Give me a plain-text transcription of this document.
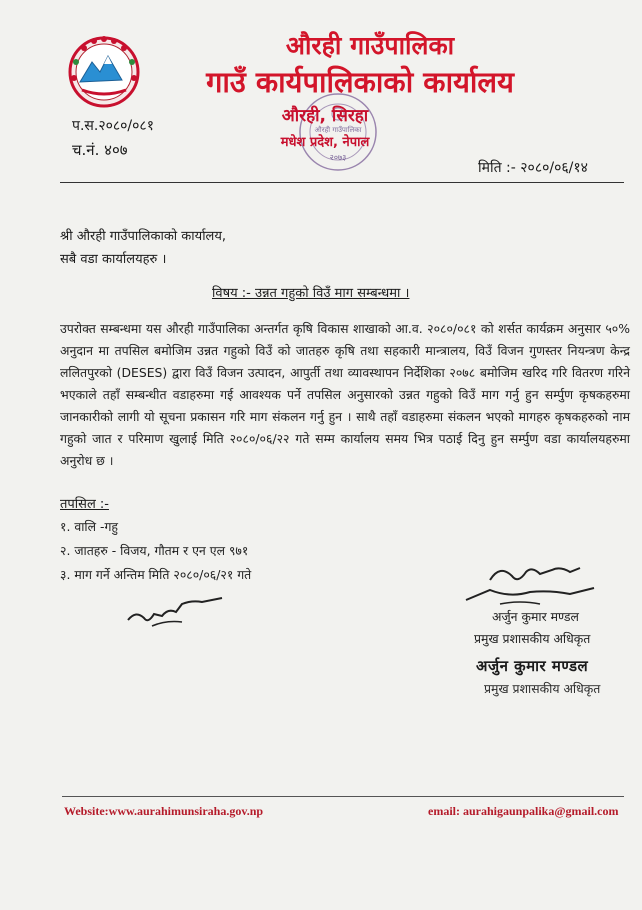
औरही गाउँपालिका
गाउँ कार्यपालिकाको कार्यालय
औरही गाउँपालिका
२०७३
औरही, सिरहा
मधेश प्रदेश, नेपाल
प.स.२०८०/०८१
च.नं. ४०७
मिति :- २०८०/०६/१४
श्री औरही गाउँपालिकाको कार्यालय,
सबै वडा कार्यालयहरु ।
विषय :- उन्नत गहुको विउँ माग सम्बन्धमा ।
उपरोक्त सम्बन्धमा यस औरही गाउँपालिका अन्तर्गत कृषि विकास शाखाको आ.व. २०८०/०८१ को शर्सत कार्यक्रम अनुसार ५०% अनुदान मा तपसिल बमोजिम उन्नत गहुको विउँ को जातहरु कृषि तथा सहकारी मान्त्रालय, विउँ विजन गुणस्तर नियन्त्रण केन्द्र ललितपुरको (DESES) द्वारा विउँ विजन उत्पादन, आपुर्ती तथा व्यावस्थापन निर्देशिका २०७८ बमोजिम खरिद गरि वितरण गरिने भएकाले तहाँ सम्बन्धीत वडाहरुमा गई आवश्यक पर्ने तपसिल अनुसारको उन्नत गहुको विउँ माग गर्नु हुन सर्म्पुण कृषकहरुमा जानकारीको लागी यो सूचना प्रकासन गरि माग संकलन गर्नु हुन । साथै तहाँ वडाहरुमा संकलन भएको मागहरु कृषकहरुको नाम गहुको जात र परिमाण खुलाई मिति २०८०/०६/२२ गते सम्म कार्यालय समय भित्र पठाई दिनु हुन सर्म्पुण वडा कार्यालयहरुमा अनुरोध छ ।
तपसिल :-
१. वालि -गहु
२. जातहरु - विजय, गौतम र एन एल ९७१
३. माग गर्ने अन्तिम मिति २०८०/०६/२१ गते
अर्जुन कुमार मण्डल
प्रमुख प्रशासकीय अधिकृत
अर्जुन कुमार मण्डल
प्रमुख प्रशासकीय अधिकृत
Website:www.aurahimunsiraha.gov.np	email: aurahigaunpalika@gmail.com
